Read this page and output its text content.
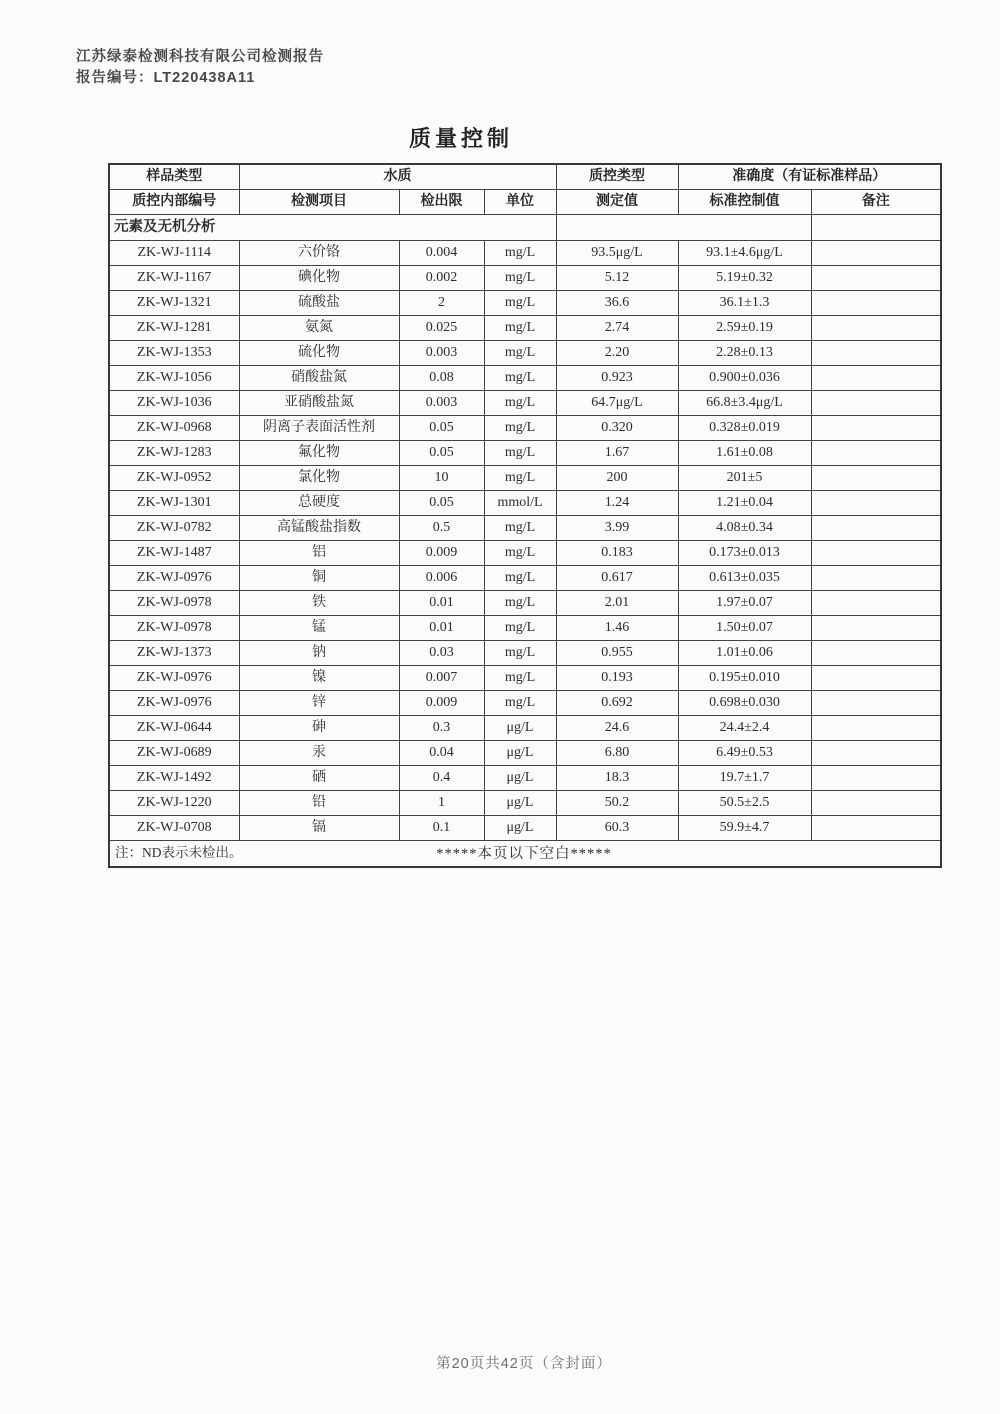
江苏绿泰检测科技有限公司检测报告
报告编号：LT220438A11
质量控制
样品类型	水质			质控类型	准确度（有证标准样品）	
质控内部编号	检测项目	检出限	单位	测定值	标准控制值	备注
元素及无机分析						
ZK-WJ-1114	六价铬	0.004	mg/L	93.5μg/L	93.1±4.6μg/L	
ZK-WJ-1167	碘化物	0.002	mg/L	5.12	5.19±0.32	
ZK-WJ-1321	硫酸盐	2	mg/L	36.6	36.1±1.3	
ZK-WJ-1281	氨氮	0.025	mg/L	2.74	2.59±0.19	
ZK-WJ-1353	硫化物	0.003	mg/L	2.20	2.28±0.13	
ZK-WJ-1056	硝酸盐氮	0.08	mg/L	0.923	0.900±0.036	
ZK-WJ-1036	亚硝酸盐氮	0.003	mg/L	64.7μg/L	66.8±3.4μg/L	
ZK-WJ-0968	阴离子表面活性剂	0.05	mg/L	0.320	0.328±0.019	
ZK-WJ-1283	氟化物	0.05	mg/L	1.67	1.61±0.08	
ZK-WJ-0952	氯化物	10	mg/L	200	201±5	
ZK-WJ-1301	总硬度	0.05	mmol/L	1.24	1.21±0.04	
ZK-WJ-0782	高锰酸盐指数	0.5	mg/L	3.99	4.08±0.34	
ZK-WJ-1487	铝	0.009	mg/L	0.183	0.173±0.013	
ZK-WJ-0976	铜	0.006	mg/L	0.617	0.613±0.035	
ZK-WJ-0978	铁	0.01	mg/L	2.01	1.97±0.07	
ZK-WJ-0978	锰	0.01	mg/L	1.46	1.50±0.07	
ZK-WJ-1373	钠	0.03	mg/L	0.955	1.01±0.06	
ZK-WJ-0976	镍	0.007	mg/L	0.193	0.195±0.010	
ZK-WJ-0976	锌	0.009	mg/L	0.692	0.698±0.030	
ZK-WJ-0644	砷	0.3	μg/L	24.6	24.4±2.4	
ZK-WJ-0689	汞	0.04	μg/L	6.80	6.49±0.53	
ZK-WJ-1492	硒	0.4	μg/L	18.3	19.7±1.7	
ZK-WJ-1220	铅	1	μg/L	50.2	50.5±2.5	
ZK-WJ-0708	镉	0.1	μg/L	60.3	59.9±4.7	
注：ND表示未检出。							*****本页以下空白*****
第20页共42页（含封面）
